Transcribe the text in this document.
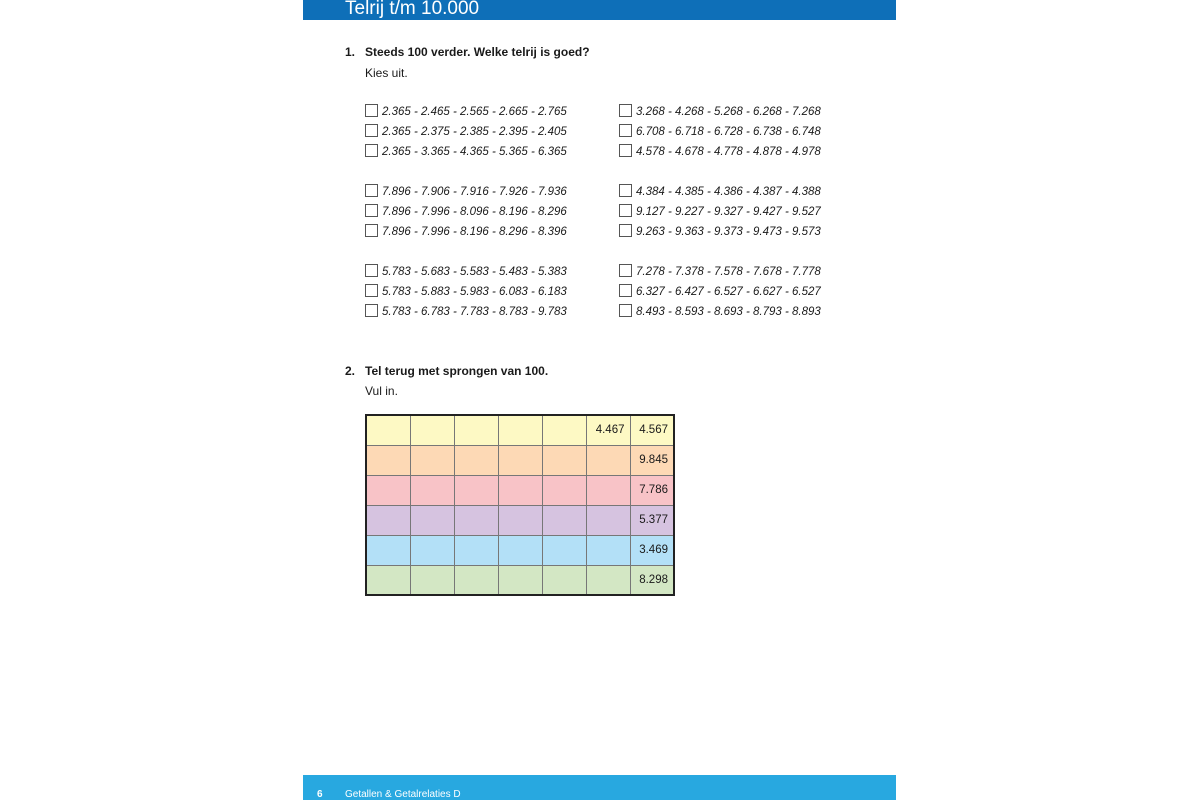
Telrij t/m 10.000
1. Steeds 100 verder. Welke telrij is goed?
Kies uit.
2.365 - 2.465 - 2.565 - 2.665 - 2.765
2.365 - 2.375 - 2.385 - 2.395 - 2.405
2.365 - 3.365 - 4.365 - 5.365 - 6.365
3.268 - 4.268 - 5.268 - 6.268 - 7.268
6.708 - 6.718 - 6.728 - 6.738 - 6.748
4.578 - 4.678 - 4.778 - 4.878 - 4.978
7.896 - 7.906 - 7.916 - 7.926 - 7.936
7.896 - 7.996 - 8.096 - 8.196 - 8.296
7.896 - 7.996 - 8.196 - 8.296 - 8.396
4.384 - 4.385 - 4.386 - 4.387 - 4.388
9.127 - 9.227 - 9.327 - 9.427 - 9.527
9.263 - 9.363 - 9.373 - 9.473 - 9.573
5.783 - 5.683 - 5.583 - 5.483 - 5.383
5.783 - 5.883 - 5.983 - 6.083 - 6.183
5.783 - 6.783 - 7.783 - 8.783 - 9.783
7.278 - 7.378 - 7.578 - 7.678 - 7.778
6.327 - 6.427 - 6.527 - 6.627 - 6.527
8.493 - 8.593 - 8.693 - 8.793 - 8.893
2. Tel terug met sprongen van 100.
Vul in.
					4.467	4.567
						9.845
						7.786
						5.377
						3.469
						8.298
6 Getallen & Getalrelaties D
